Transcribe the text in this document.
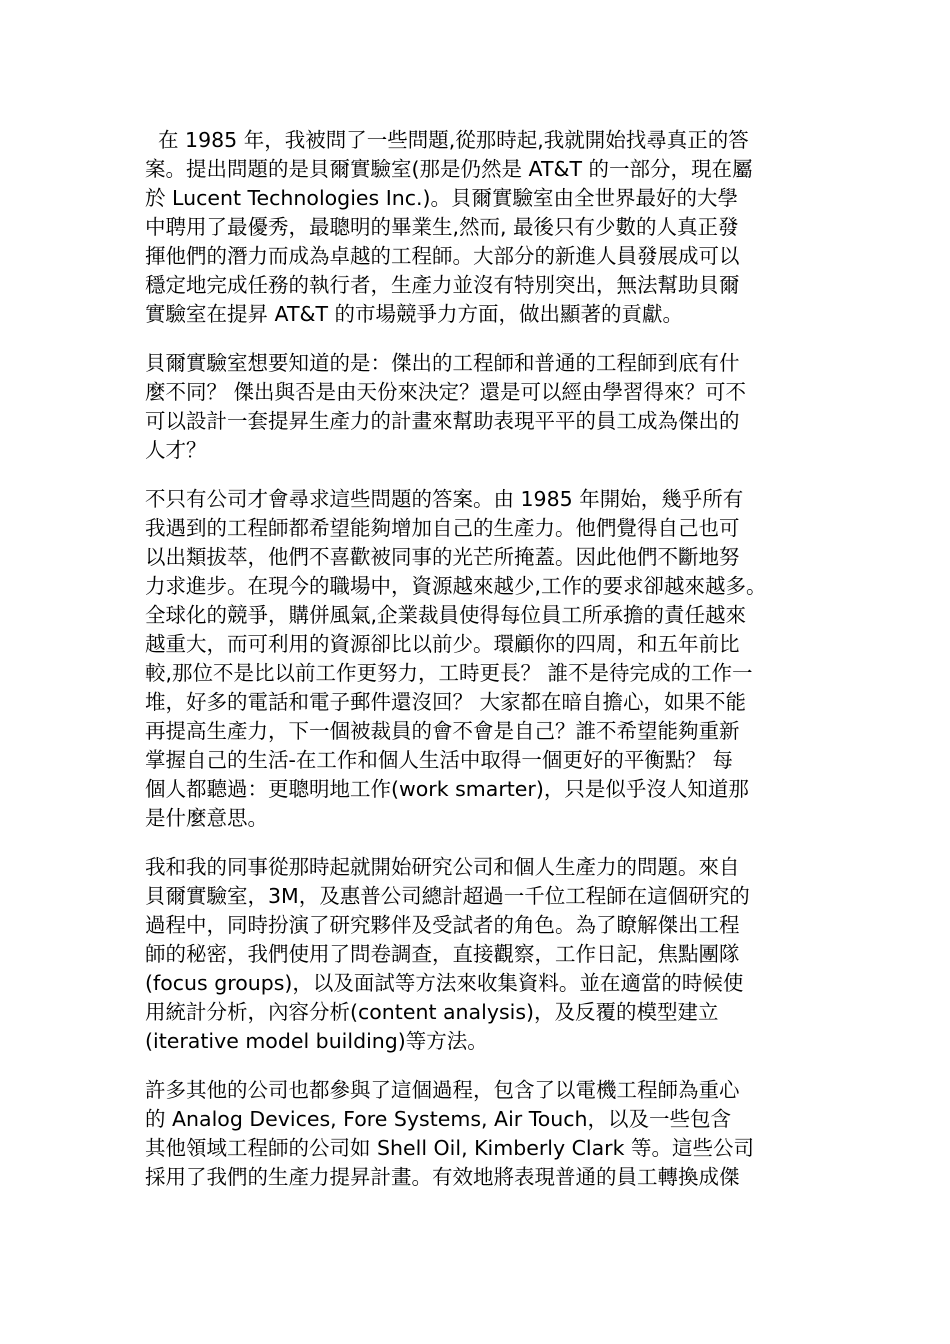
在 1985 年，我被問了一些問題,從那時起,我就開始找尋真正的答
案。提出問題的是貝爾實驗室(那是仍然是 AT&T 的一部分，現在屬
於 Lucent Technologies Inc.)。貝爾實驗室由全世界最好的大學
中聘用了最優秀，最聰明的畢業生,然而, 最後只有少數的人真正發
揮他們的潛力而成為卓越的工程師。大部分的新進人員發展成可以
穩定地完成任務的執行者，生產力並沒有特別突出，無法幫助貝爾
實驗室在提昇 AT&T 的市場競爭力方面，做出顯著的貢獻。
貝爾實驗室想要知道的是：傑出的工程師和普通的工程師到底有什
麼不同？ 傑出與否是由天份來決定？還是可以經由學習得來？可不
可以設計一套提昇生產力的計畫來幫助表現平平的員工成為傑出的
人才？
不只有公司才會尋求這些問題的答案。由 1985 年開始，幾乎所有
我遇到的工程師都希望能夠增加自己的生產力。他們覺得自己也可
以出類拔萃，他們不喜歡被同事的光芒所掩蓋。因此他們不斷地努
力求進步。在現今的職場中，資源越來越少,工作的要求卻越來越多。
全球化的競爭，購併風氣,企業裁員使得每位員工所承擔的責任越來
越重大，而可利用的資源卻比以前少。環顧你的四周，和五年前比
較,那位不是比以前工作更努力，工時更長？ 誰不是待完成的工作一
堆，好多的電話和電子郵件還沒回？ 大家都在暗自擔心，如果不能
再提高生產力，下一個被裁員的會不會是自己？誰不希望能夠重新
掌握自己的生活-在工作和個人生活中取得一個更好的平衡點？ 每
個人都聽過：更聰明地工作(work smarter)，只是似乎沒人知道那
是什麼意思。
我和我的同事從那時起就開始研究公司和個人生產力的問題。來自
貝爾實驗室，3M，及惠普公司總計超過一千位工程師在這個研究的
過程中，同時扮演了研究夥伴及受試者的角色。為了瞭解傑出工程
師的秘密，我們使用了問卷調查，直接觀察，工作日記，焦點團隊
(focus groups)，以及面試等方法來收集資料。並在適當的時候使
用統計分析，內容分析(content analysis)，及反覆的模型建立
(iterative model building)等方法。
許多其他的公司也都參與了這個過程，包含了以電機工程師為重心
的 Analog Devices, Fore Systems, Air Touch，以及一些包含
其他領域工程師的公司如 Shell Oil, Kimberly Clark 等。這些公司
採用了我們的生產力提昇計畫。有效地將表現普通的員工轉換成傑
